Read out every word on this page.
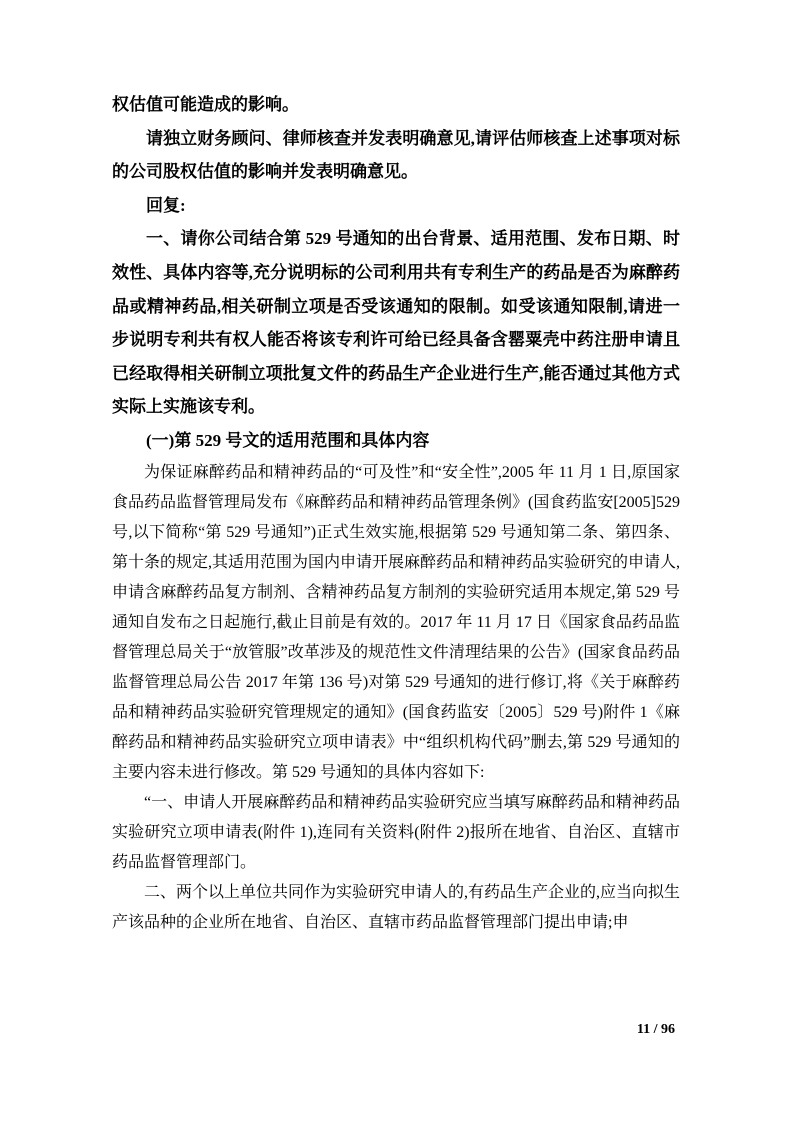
权估值可能造成的影响。

请独立财务顾问、律师核查并发表明确意见,请评估师核查上述事项对标的公司股权估值的影响并发表明确意见。

回复:

一、请你公司结合第 529 号通知的出台背景、适用范围、发布日期、时效性、具体内容等,充分说明标的公司利用共有专利生产的药品是否为麻醉药品或精神药品,相关研制立项是否受该通知的限制。如受该通知限制,请进一步说明专利共有权人能否将该专利许可给已经具备含罂粟壳中药注册申请且已经取得相关研制立项批复文件的药品生产企业进行生产,能否通过其他方式实际上实施该专利。

(一)第 529 号文的适用范围和具体内容

为保证麻醉药品和精神药品的“可及性”和“安全性”,2005 年 11 月 1 日,原国家食品药品监督管理局发布《麻醉药品和精神药品管理条例》(国食药监安[2005]529 号,以下简称“第 529 号通知”)正式生效实施,根据第 529 号通知第二条、第四条、第十条的规定,其适用范围为国内申请开展麻醉药品和精神药品实验研究的申请人,申请含麻醉药品复方制剂、含精神药品复方制剂的实验研究适用本规定,第 529 号通知自发布之日起施行,截止目前是有效的。2017 年 11 月 17 日《国家食品药品监督管理总局关于“放管服”改革涉及的规范性文件清理结果的公告》(国家食品药品监督管理总局公告 2017 年第 136 号)对第 529 号通知的进行修订,将《关于麻醉药品和精神药品实验研究管理规定的通知》(国食药监安〔2005〕529 号)附件 1《麻醉药品和精神药品实验研究立项申请表》中“组织机构代码”删去,第 529 号通知的主要内容未进行修改。第 529 号通知的具体内容如下:

“一、申请人开展麻醉药品和精神药品实验研究应当填写麻醉药品和精神药品实验研究立项申请表(附件 1),连同有关资料(附件 2)报所在地省、自治区、直辖市药品监督管理部门。

二、两个以上单位共同作为实验研究申请人的,有药品生产企业的,应当向拟生产该品种的企业所在地省、自治区、直辖市药品监督管理部门提出申请;申

11 / 96
